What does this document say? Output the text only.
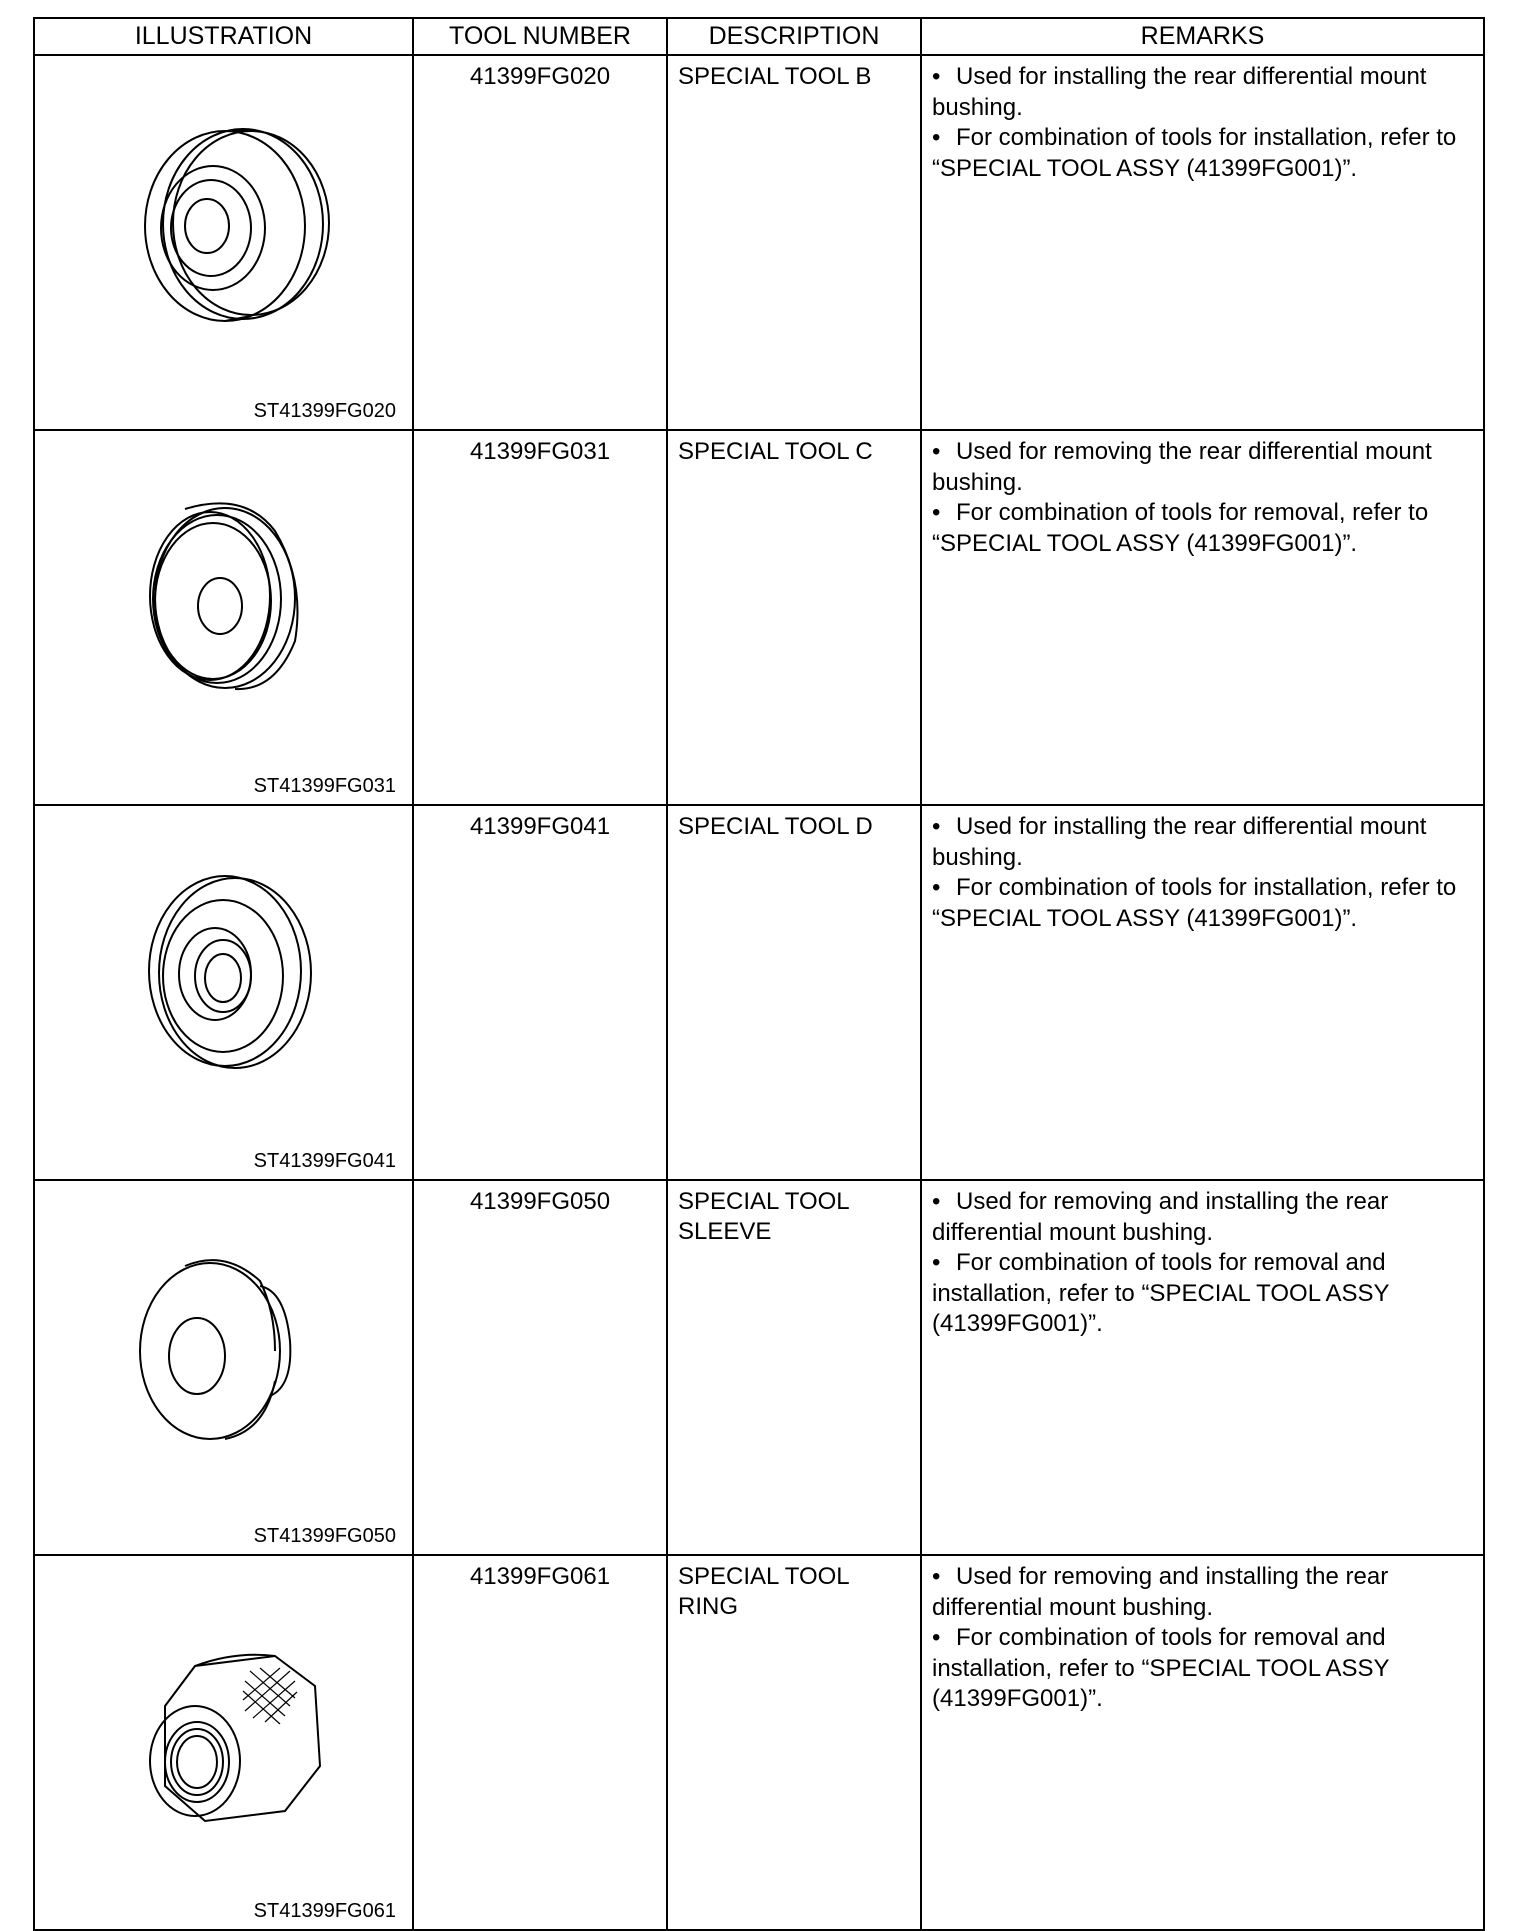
ILLUSTRATION	TOOL NUMBER	DESCRIPTION	REMARKS

ST41399FG020	41399FG020	SPECIAL TOOL B	• Used for installing the rear differential mount bushing.

• For combination of tools for installation, refer to “SPECIAL TOOL ASSY (41399FG001)”.

ST41399FG031	41399FG031	SPECIAL TOOL C	• Used for removing the rear differential mount bushing.

• For combination of tools for removal, refer to “SPECIAL TOOL ASSY (41399FG001)”.

ST41399FG041	41399FG041	SPECIAL TOOL D	• Used for installing the rear differential mount bushing.

• For combination of tools for installation, refer to “SPECIAL TOOL ASSY (41399FG001)”.

ST41399FG050	41399FG050	SPECIAL TOOL SLEEVE	• Used for removing and installing the rear differential mount bushing.

• For combination of tools for removal and installation, refer to “SPECIAL TOOL ASSY (41399FG001)”.

ST41399FG061	41399FG061	SPECIAL TOOL RING	• Used for removing and installing the rear differential mount bushing.

• For combination of tools for removal and installation, refer to “SPECIAL TOOL ASSY (41399FG001)”.
